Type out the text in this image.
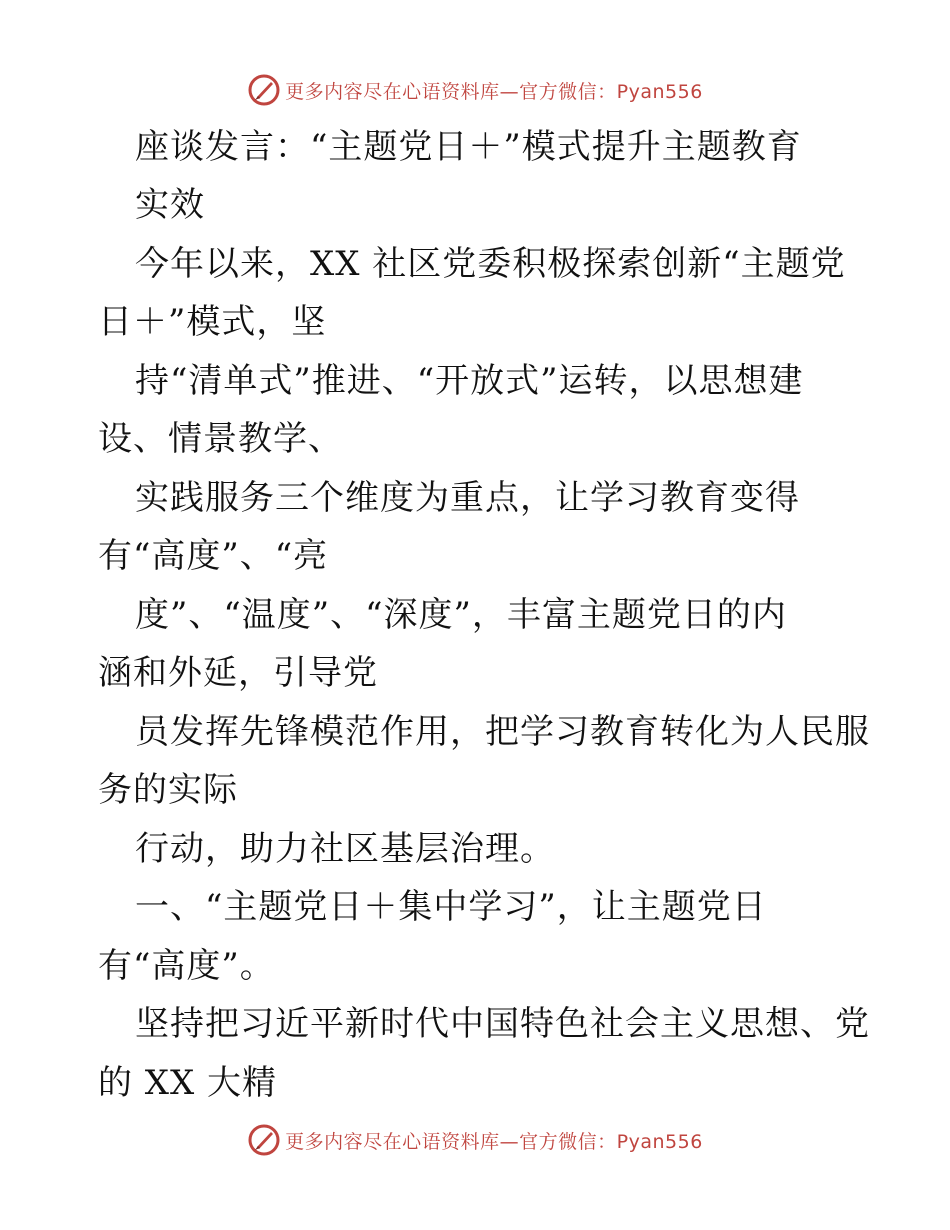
更多内容尽在心语资料库—官方微信：Pyan556
座谈发言：“主题党日＋”模式提升主题教育
实效
今年以来，XX 社区党委积极探索创新“主题党
日＋”模式，坚
持“清单式”推进、“开放式”运转，以思想建
设、情景教学、
实践服务三个维度为重点，让学习教育变得
有“高度”、“亮
度”、“温度”、“深度”，丰富主题党日的内
涵和外延，引导党
员发挥先锋模范作用，把学习教育转化为人民服
务的实际
行动，助力社区基层治理。
一、“主题党日＋集中学习”，让主题党日
有“高度”。
坚持把习近平新时代中国特色社会主义思想、党
的 XX 大精
更多内容尽在心语资料库—官方微信：Pyan556
